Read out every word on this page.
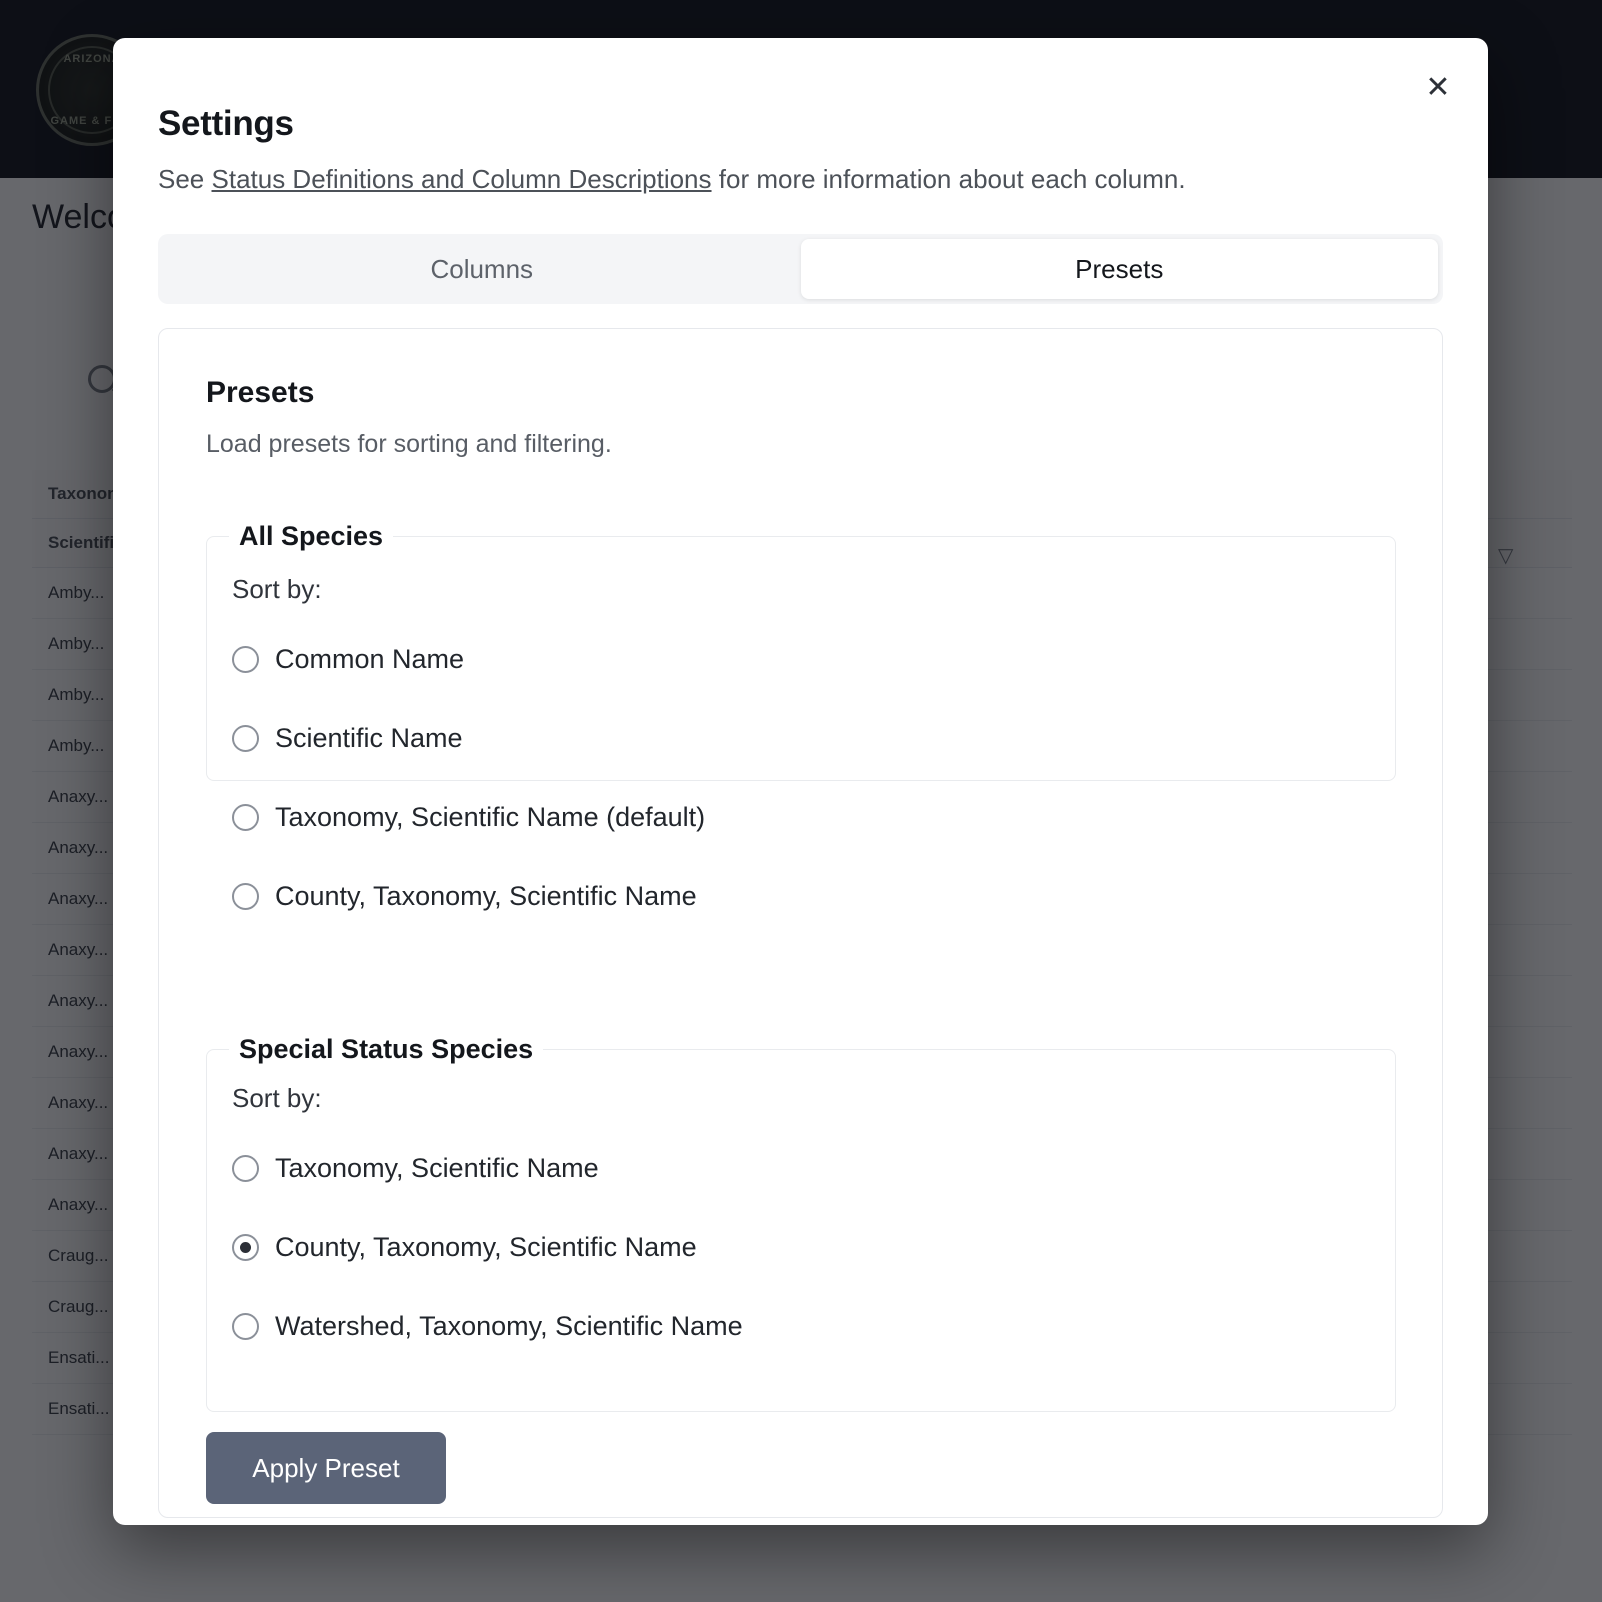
✕
Settings
See Status Definitions and Column Descriptions for more information about each column.
Columns	Presets
Presets
Load presets for sorting and filtering.
All Species
Sort by:
Common Name
Scientific Name
Taxonomy, Scientific Name (default)
County, Taxonomy, Scientific Name
Special Status Species
Sort by:
Taxonomy, Scientific Name
County, Taxonomy, Scientific Name
Watershed, Taxonomy, Scientific Name
Apply Preset
